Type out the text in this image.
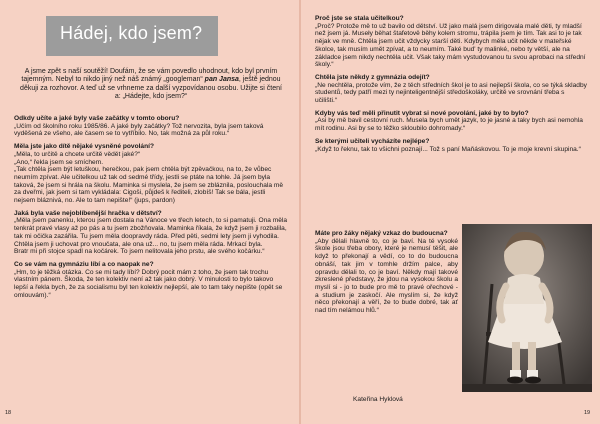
Hádej, kdo jsem?

A jsme zpět s naší soutěží! Doufám, že se vám povedlo uhodnout, kdo byl prvním tajemným. Nebyl to nikdo jiný než náš známý „googleman“ pan Jansa, ještě jednou děkuji za rozhovor. A teď už se vrhneme za další vyzpovídanou osobu. Užijte si čtení a: „Hádejte, kdo jsem?“

Odkdy učíte a jaké byly vaše začátky v tomto oboru?

„Učím od školního roku 1985/86. A jaké byly začátky? Tož nervozita, byla jsem taková vyděšená ze všeho, ale časem se to vytříbilo. No, tak možná za půl roku.“

Měla jste jako dítě nějaké vysněné povolání?

„Měla, to určitě a chcete určitě vědět jaké?“

„Ano,“ řekla jsem se smíchem.

„Tak chtěla jsem být letuškou, herečkou, pak jsem chtěla být zpěvačkou, na to, že vůbec neumím zpívat. Ale učitelkou už tak od sedmé třídy, jestli se ptáte na tohle. Já jsem byla taková, že jsem si hrála na školu. Maminka si myslela, že jsem se zbláznila, poslouchala mě za dveřmi, jak jsem si tam vykládala: Cigoši, půjdeš k řediteli, zlobíš! Tak se bála, jestli nejsem bláznivá, no. Ale to tam nepište!“ (jups, pardon)

Jaká byla vaše nejoblíbenější hračka v dětství?

„Měla jsem panenku, kterou jsem dostala na Vánoce ve třech letech, to si pamatuji. Ona měla tenkrát pravé vlasy až po pás a tu jsem zbožňovala. Maminka říkala, že když jsem ji rozbalila,

tak mi očička zazářila. Tu jsem měla doopravdy ráda. Před pěti, sedmi lety jsem ji vyhodila. Chtěla jsem ji uchovat pro vnoučata, ale ona už... no, tu jsem měla ráda. Mrkací byla.

Bratr mi při stojce spadl na kočárek. To jsem nelitovala jeho prstu, ale svého kočárku.“

Co se vám na gymnáziu líbí a co naopak ne?

„Hm, to je těžká otázka. Co se mi tady líbí? Dobrý pocit mám z toho, že jsem tak trochu vlastním pánem. Škoda, že ten kolektiv není až tak jako dobrý. V minulosti to bylo takovo lepší a řekla bych, že za socialismu byl ten kolektiv nejlepší, ale to tam taky nepište (opět se omlouvám).“

18

Proč jste se stala učitelkou?

„Proč? Protože mě to už bavilo od dětství. Už jako malá jsem dirigovala malé děti, ty mladší než jsem já. Museły běhat štafetově běhy kolem stromu, trápila jsem je tím. Tak asi to je tak nějak ve mně. Chtěla jsem učit vždycky starší děti. Kdybych měla učit někde v mateřské školce, tak musím umět zpívat, a to neumím. Také bud' ty malinké, nebo ty větší, ale na základce jsem nikdy nechtěla učit. Však taky mám vystudovanou tu svou aprobaci na střední školy.“

Chtěla jste někdy z gymnázia odejít?

„Ne nechtěla, protože vím, že z těch středních škol je to asi nejlepší škola, co se týká skladby studentů, tedy patří mezi ty nejinteligentnější středoškoláky, určitě ve srovnání třeba s učilišti.“

Kdyby vás teď měli přinutit vybrat si nové povolání, jaké by to bylo?

„Asi by mě bavil cestovní ruch. Musela bych umět jazyk, to je jasné a taky bych asi nemohla mít rodinu. Asi by se to těžko skloubilo dohromady.“

Se kterými učiteli vycházíte nejlépe?

„Když to řeknu, tak to všichni poznají... Tož s paní Maňáskovou. To je moje krevní skupina.“

Máte pro žáky nějaký vzkaz do budoucna?

„Aby dělali hlavně to, co je baví. Na té vysoké škole jsou třeba obory, které je nemusí těšit, ale když to překonají a vědí, co to do budoucna obnáší, tak jim v tomhle držím palce, aby opravdu dělali to, co je baví. Někdy mají takové zkreslené představy, že jdou na vysokou školu a myslí si - jo to bude pro mě to pravé ořechové - a studium je zaskočí. Ale myslím si, že když něco překonají a věří, že to bude dobré, tak ať nad tím nelámou hlů.“

Kateřina Hyklová
19
